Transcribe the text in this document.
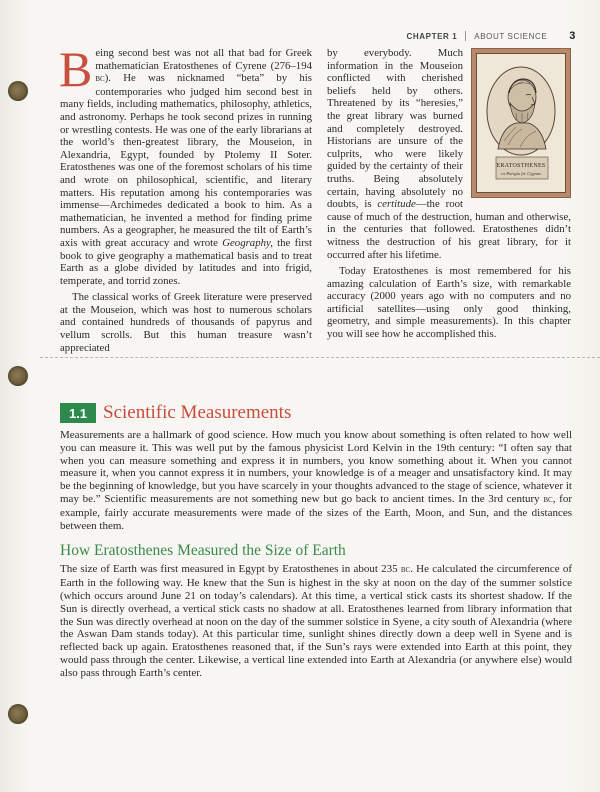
CHAPTER 1 ABOUT SCIENCE 3

Being second best was not all that bad for Greek mathematician Eratosthenes of Cyrene (276–194 bc). He was nicknamed “beta” by his contemporaries who judged him second best in many fields, including mathematics, philosophy, athletics, and astronomy. Perhaps he took second prizes in running or wrestling contests. He was one of the early librarians at the world’s then-greatest library, the Mouseion, in Alexandria, Egypt, founded by Ptolemy II Soter. Eratosthenes was one of the foremost scholars of his time and wrote on philosophical, scientific, and literary matters. His reputation among his contemporaries was immense—Archimedes dedicated a book to him. As a mathematician, he invented a method for finding prime numbers. As a geographer, he measured the tilt of Earth’s axis with great accuracy and wrote Geography, the first book to give geography a mathematical basis and to treat Earth as a globe divided by latitudes and into frigid, temperate, and torrid zones.

The classical works of Greek literature were preserved at the Mouseion, which was host to numerous scholars and contained hundreds of thousands of papyrus and vellum scrolls. But this human treasure wasn’t appreciated

ERATOSTHENES
ex Parigiu fit. Cygnus

by everybody. Much information in the Mouseion conflicted with cherished beliefs held by others. Threatened by its “heresies,” the great library was burned and completely destroyed. Historians are unsure of the culprits, who were likely guided by the certainty of their truths. Being absolutely certain, having absolutely no doubts, is certitude—the root cause of much of the destruction, human and otherwise, in the centuries that followed. Eratosthenes didn’t witness the destruction of his great library, for it occurred after his lifetime.

Today Eratosthenes is most remembered for his amazing calculation of Earth’s size, with remarkable accuracy (2000 years ago with no computers and no artificial satellites—using only good thinking, geometry, and simple measurements). In this chapter you will see how he accomplished this.

1.1 Scientific Measurements

Measurements are a hallmark of good science. How much you know about something is often related to how well you can measure it. This was well put by the famous physicist Lord Kelvin in the 19th century: “I often say that when you can measure something and express it in numbers, you know something about it. When you cannot measure it, when you cannot express it in numbers, your knowledge is of a meager and unsatisfactory kind. It may be the beginning of knowledge, but you have scarcely in your thoughts advanced to the stage of science, whatever it may be.” Scientific measurements are not something new but go back to ancient times. In the 3rd century bc, for example, fairly accurate measurements were made of the sizes of the Earth, Moon, and Sun, and the distances between them.

How Eratosthenes Measured the Size of Earth

The size of Earth was first measured in Egypt by Eratosthenes in about 235 bc. He calculated the circumference of Earth in the following way. He knew that the Sun is highest in the sky at noon on the day of the summer solstice (which occurs around June 21 on today’s calendars). At this time, a vertical stick casts its shortest shadow. If the Sun is directly overhead, a vertical stick casts no shadow at all. Eratosthenes learned from library information that the Sun was directly overhead at noon on the day of the summer solstice in Syene, a city south of Alexandria (where the Aswan Dam stands today). At this particular time, sunlight shines directly down a deep well in Syene and is reflected back up again. Eratosthenes reasoned that, if the Sun’s rays were extended into Earth at this point, they would pass through the center. Likewise, a vertical line extended into Earth at Alexandria (or anywhere else) would also pass through Earth’s center.
